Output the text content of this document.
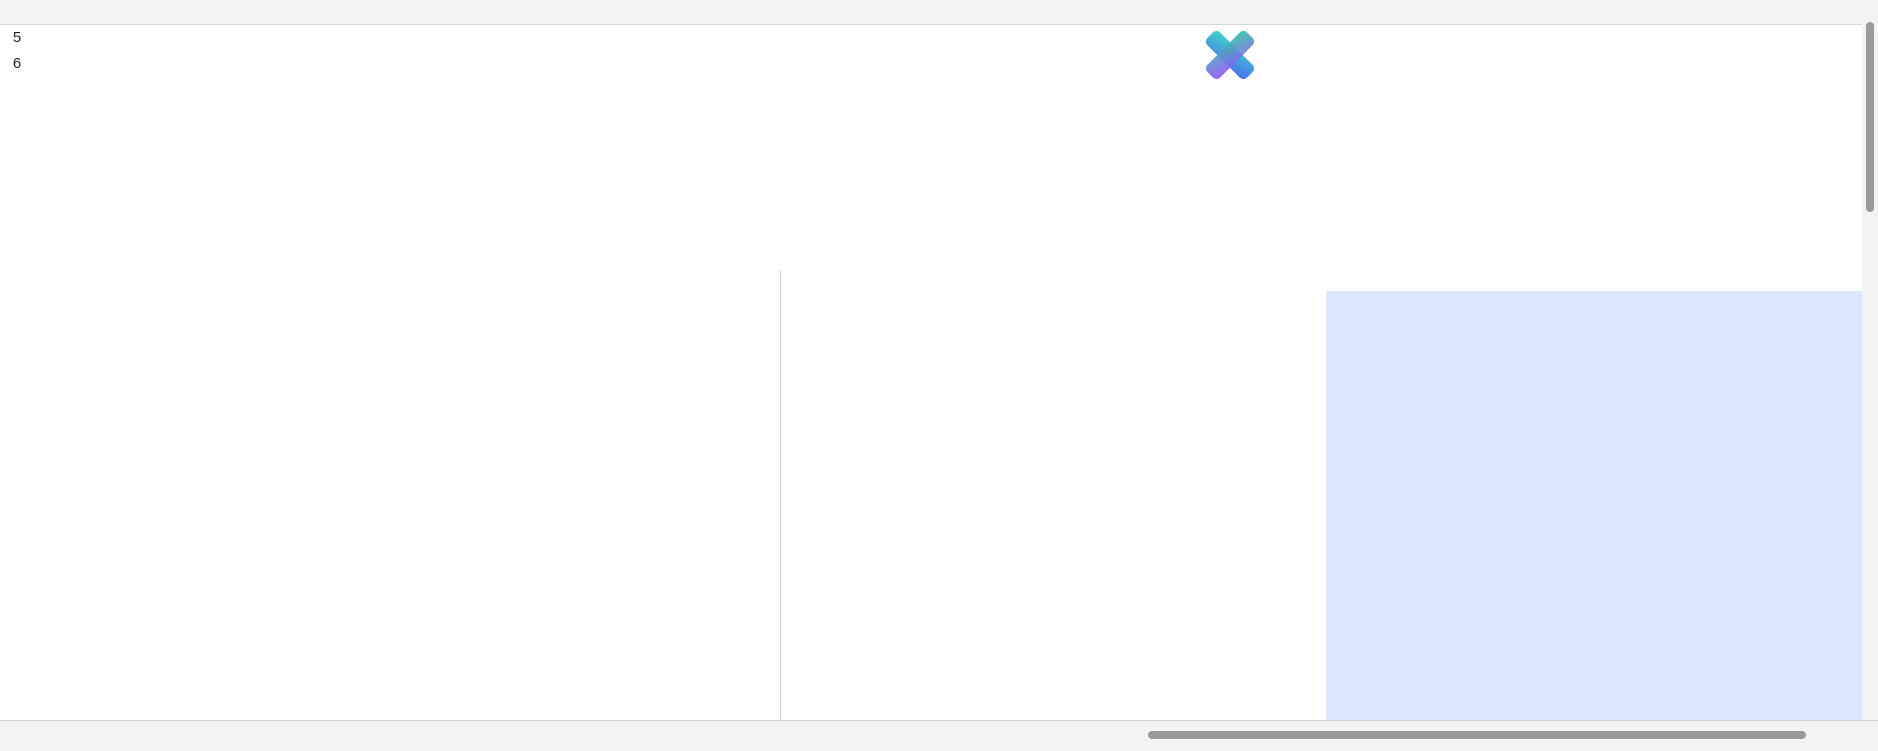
5
6
